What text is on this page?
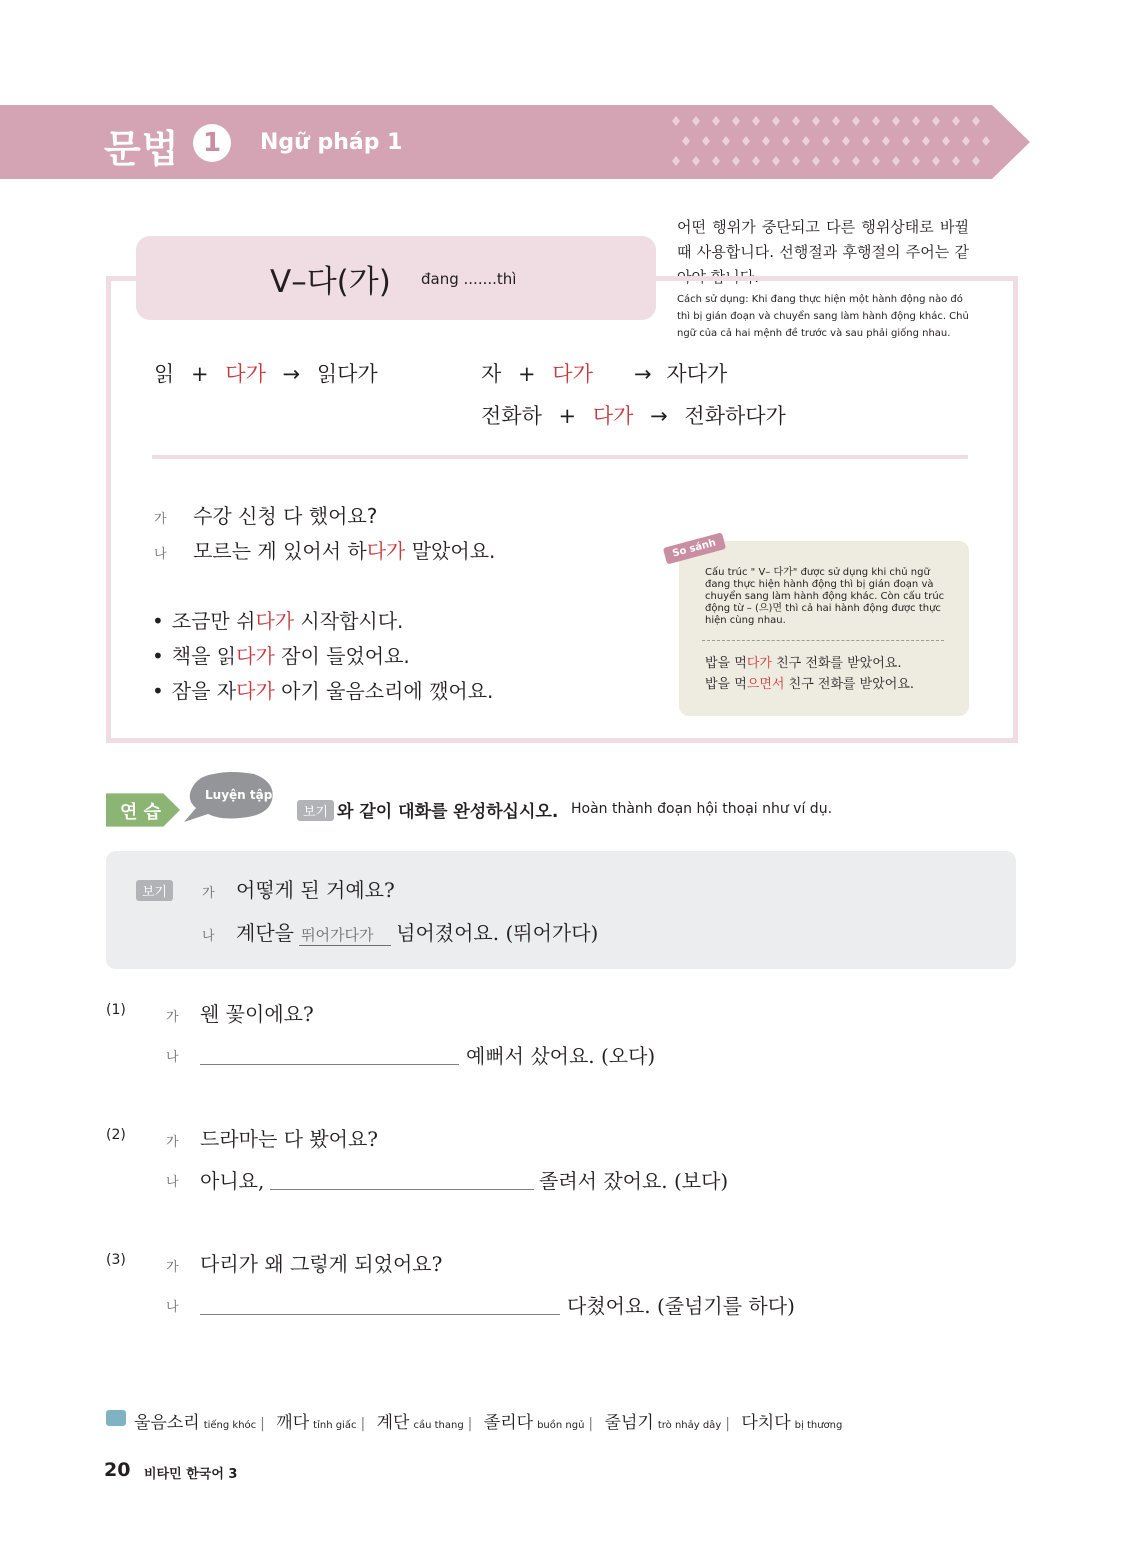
문법 1	Ngữ pháp 1
어떤 행위가 중단되고 다른 행위상태로 바뀔 때 사용합니다. 선행절과 후행절의 주어는 같
Cách sử dụng: Khi đang thực hiện một hành động nào đó thì bị gián đoạn và chuyển sang làm hành động khác. Chủ ngữ của cả hai mệnh đề trước và sau phải giống nhau.
V–다(가) đang .......thì
읽 + 다가 → 읽다가	자 + 다가 → 자다가
전화하 + 다가 → 전화하다가
가 수강 신청 다 했어요?
나 모르는 게 있어서 하다가 말았어요.
• 조금만 쉬다가 시작합시다.
• 책을 읽다가 잠이 들었어요.
• 잠을 자다가 아기 울음소리에 깼어요.
So sánh
Cấu trúc " V– 다가" được sử dụng khi chủ ngữ đang thực hiện hành động thì bị gián đoạn và chuyển sang làm hành động khác. Còn cấu trúc động từ – (으)면 thì cả hai hành động được thực hiện cùng nhau.
밥을 먹다가 친구 전화를 받았어요.
밥을 먹으면서 친구 전화를 받았어요.
연 습
Luyện tập
보기 와 같이 대화를 완성하십시오. Hoàn thành đoạn hội thoại như ví dụ.
보기	가 어떻게 된 거예요?
나 계단을 뛰어가다가 넘어졌어요. (뛰어가다)
(1)	가 웬 꽃이에요?
나	예뻐서 샀어요. (오다)
(2)	가 드라마는 다 봤어요?
나 아니요,	졸려서 잤어요. (보다)
(3)	가 다리가 왜 그렇게 되었어요?
나	다쳤어요. (줄넘기를 하다)
울음소리 tiếng khóc | 깨다 tỉnh giấc | 계단 cầu thang | 졸리다 buồn ngủ | 줄넘기 trò nhảy dây | 다치다 bị thương
20 비타민 한국어 3
